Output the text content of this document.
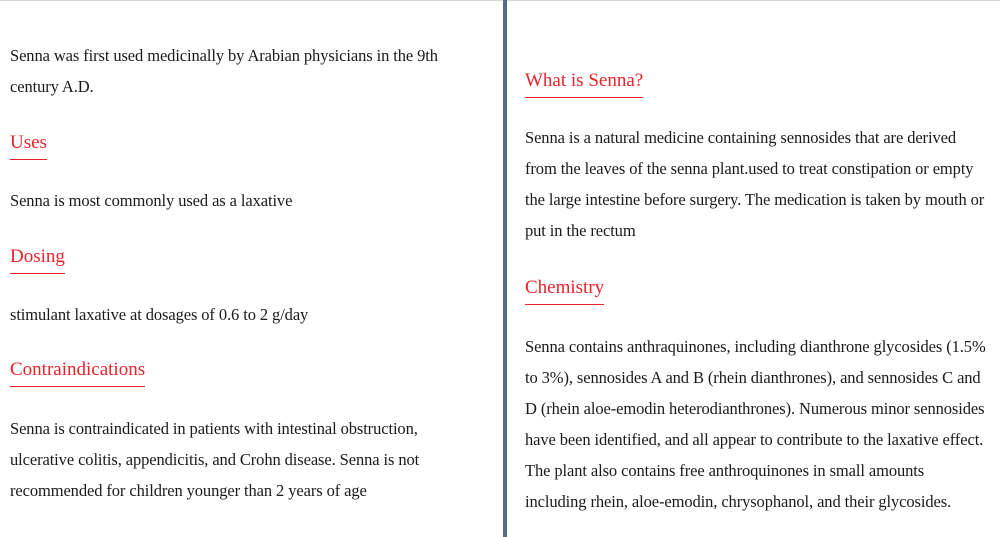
Senna was first used medicinally by Arabian physicians in the 9th century A.D.

Uses

Senna is most commonly used as a laxative

Dosing

stimulant laxative at dosages of 0.6 to 2 g/day

Contraindications

Senna is contraindicated in patients with intestinal obstruction, ulcerative colitis, appendicitis, and Crohn disease. Senna is not recommended for children younger than 2 years of age

What is Senna?

Senna is a natural medicine containing sennosides that are derived from the leaves of the senna plant.used to treat constipation or empty the large intestine before surgery. The medication is taken by mouth or put in the rectum

Chemistry

Senna contains anthraquinones, including dianthrone glycosides (1.5% to 3%), sennosides A and B (rhein dianthrones), and sennosides C and D (rhein aloe-emodin heterodianthrones). Numerous minor sennosides have been identified, and all appear to contribute to the laxative effect. The plant also contains free anthroquinones in small amounts including rhein, aloe-emodin, chrysophanol, and their glycosides.
